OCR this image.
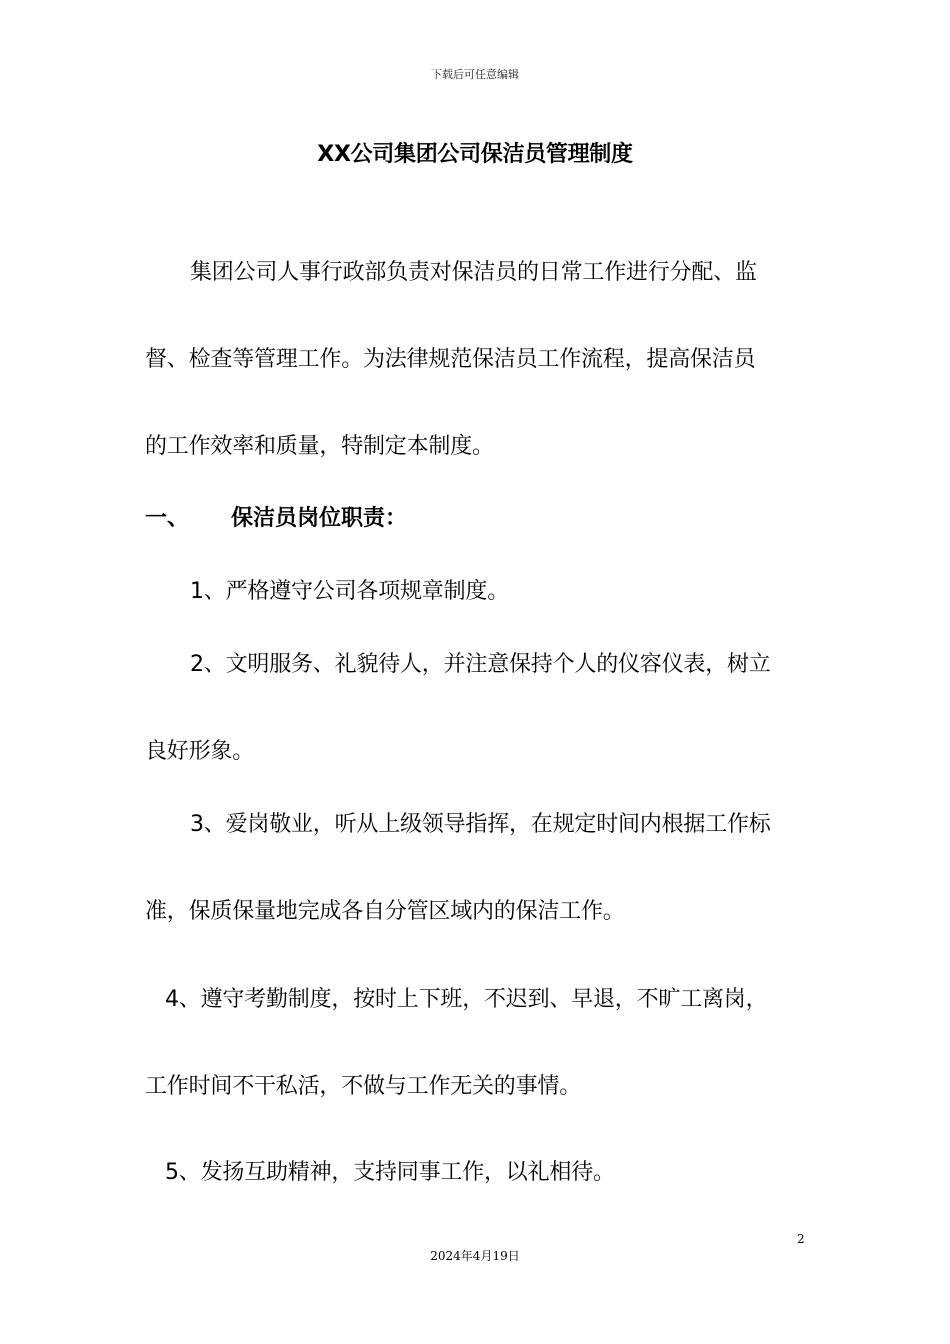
下载后可任意编辑
XX公司集团公司保洁员管理制度
集团公司人事行政部负责对保洁员的日常工作进行分配、监
督、检查等管理工作。为法律规范保洁员工作流程，提高保洁员
的工作效率和质量，特制定本制度。
一、 保洁员岗位职责：
1、严格遵守公司各项规章制度。
2、文明服务、礼貌待人，并注意保持个人的仪容仪表，树立
良好形象。
3、爱岗敬业，听从上级领导指挥，在规定时间内根据工作标
准，保质保量地完成各自分管区域内的保洁工作。
4、遵守考勤制度，按时上下班，不迟到、早退，不旷工离岗，
工作时间不干私活，不做与工作无关的事情。
5、发扬互助精神，支持同事工作，以礼相待。
2
2024年4月19日
